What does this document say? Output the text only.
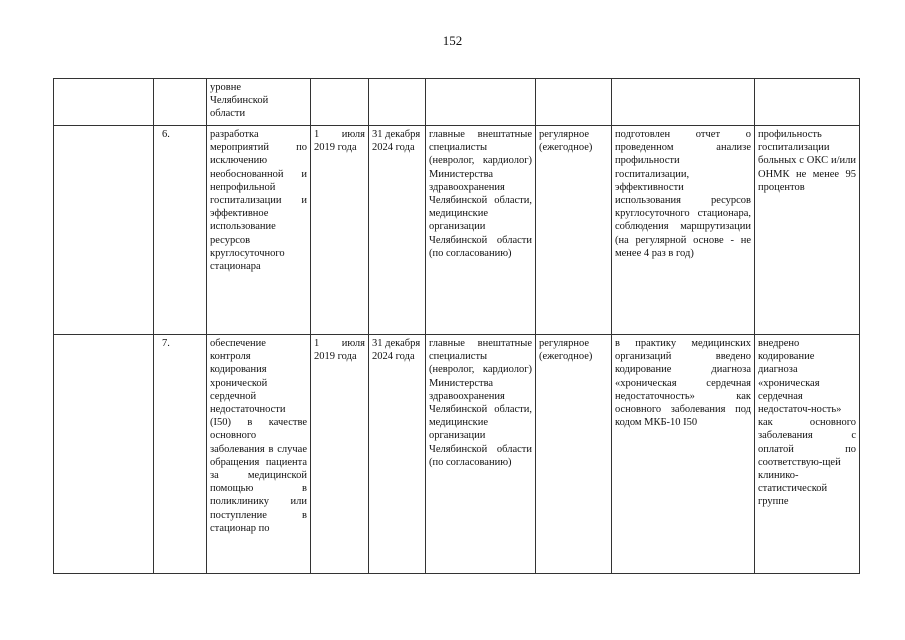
152
		уровне
Челябинской
области						
	6.	разработка мероприятий по исключению необоснованной и непрофильной госпитализации и эффективное использование ресурсов круглосуточного стационара	1 июля 2019 года	31 декабря 2024 года	главные внештатные специалисты (невролог, кардиолог) Министерства здравоохранения Челябинской области, медицинские организации Челябинской области (по согласованию)	регулярное (ежегодное)	подготовлен отчет о проведенном анализе профильности госпитализации, эффективности использования ресурсов круглосуточного стационара, соблюдения маршрутизации (на регулярной основе - не менее 4 раз в год)	профильность госпитализации больных с ОКС и/или ОНМК не менее 95 процентов
	7.	обеспечение контроля кодирования хронической сердечной недостаточности (I50) в качестве основного заболевания в случае обращения пациента за медицинской помощью в поликлинику или поступление в стационар по	1 июля 2019 года	31 декабря 2024 года	главные внештатные специалисты (невролог, кардиолог) Министерства здравоохранения Челябинской области, медицинские организации Челябинской области (по согласованию)	регулярное (ежегодное)	в практику медицинских организаций введено кодирование диагноза «хроническая сердечная недостаточность» как основного заболевания под кодом МКБ-10 I50	внедрено кодирование диагноза «хроническая сердечная недостаточ-ность» как основного заболевания с оплатой по соответствую-щей клинико-статистической группе
